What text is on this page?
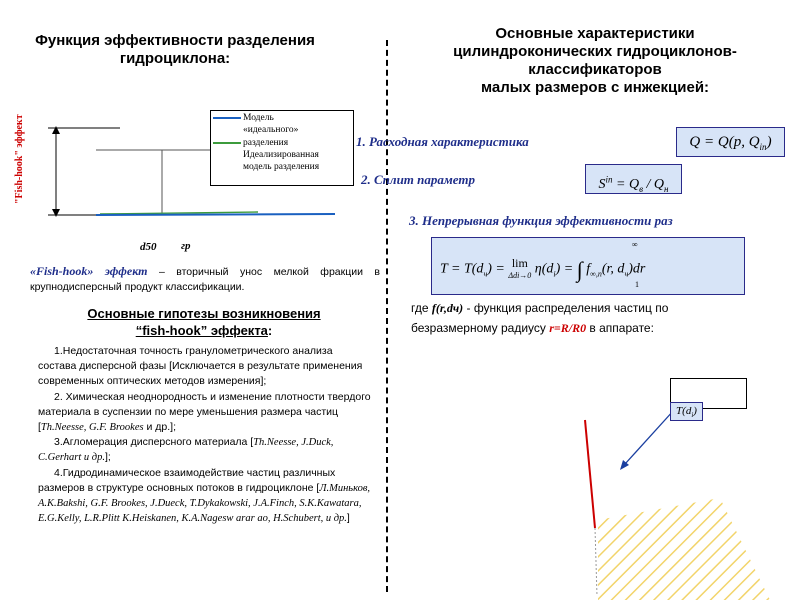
Функция эффективности разделения
гидроциклона:
"Fish-hook" эффект	Модель
«идеального»
разделения
Идеализированная
модель разделения
d50 гр
«Fish-hook» эффект – вторичный унос мелкой фракции в крупнодисперсный продукт классификации.
Основные гипотезы возникновения
“fish-hook” эффекта:

1.Недостаточная точность гранулометрического анализа состава дисперсной фазы [Исключается в результате применения современных оптических методов измерения];

2. Химическая неоднородность и изменение плотности твердого материала в суспензии по мере уменьшения размера частиц [Th.Neesse, G.F. Brookes и др.];

3.Агломерация дисперсного материала [Th.Neesse, J.Duck, C.Gerhart и др.];

4.Гидродинамическое взаимодействие частиц различных размеров в структуре основных потоков в гидроциклоне [Л.Миньков, A.K.Bakshi, G.F. Brookes, J.Dueck, T.Dykakowski, J.A.Finch, S.K.Kawatara, E.G.Kelly, L.R.Plitt K.Heiskanen, K.A.Nagesw arar ao, H.Schubert, и др.]

Основные характеристики
цилиндроконических гидроциклонов-
классификаторов
малых размеров с инжекцией:
1. Расходная характеристика	Q = Q(p, $Q_{in}$)
2. Сплит параметр	$S^{in} = Q_в / Q_н$
3. Непрерывная функция эффективности раз
$T = T(d_ч) = \lim$
Δdi→0 $\eta(d_i)$ = ∫ $f_{\infty,n}(r$, $d_ч)dr$
∞
1
где f(r,dч) - функция распределения частиц по безразмерному радиусу r=R/R0 в аппарате:
$T(d_i)$
